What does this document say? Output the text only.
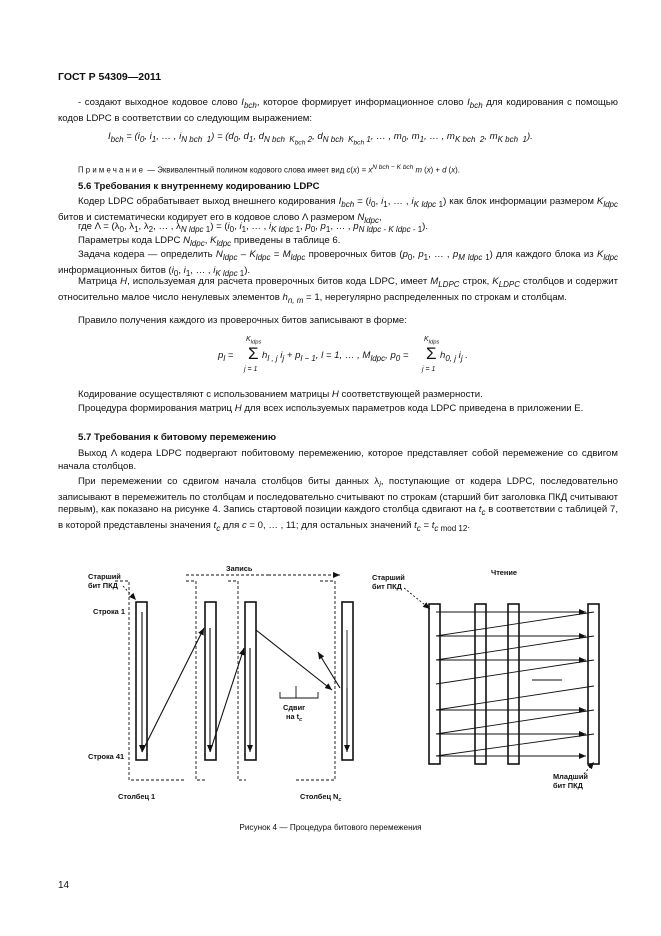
ГОСТ Р 54309—2011
- создают выходное кодовое слово $I_{bch}$, которое формирует информационное слово $I_{bch}$ для кодирования с помощью кодов LDPC в соответствии со следующим выражением:
$I_{bch} = (i_0$, $i_1$, … , $i_{N bch 1}) = (d_0$, $d_1$, $d_{N bch K_{bch} 2}$, $d_{N bch K_{bch} 1}$, … , $m_0$, $m_1$, … , $m_{K bch 2}$, $m_{K bch 1}$).
Примечание — Эквивалентный полином кодового слова имеет вид $c(x) = x^{N bch - K bch}$ m (x) + d (x).
5.6 Требования к внутреннему кодированию LDPC
Кодер LDPC обрабатывает выход внешнего кодирования $I_{bch} = (i_0$, $i_1$, … , $i_{K ldpc 1}$) как блок информации размером $K_{ldpc}$ битов и систематически кодирует его в кодовое слово Λ размером $N_{ldpc}$,
где $\Lambda = (\lambda_0$, $\lambda_1$, $\lambda_2$, … , $\lambda_{N ldpc 1}) = (i_0$, $i_1$, … , $i_{K ldpc 1}$, $p_0$, $p_1$, … , $p_{N ldpc - K ldpc - 1}$).
Параметры кода LDPC $N_{ldpc}$, $K_{ldpc}$ приведены в таблице 6.
Задача кодера — определить $N_{ldpc} - K_{ldpc} = M_{ldpc}$ проверочных битов ($p_0$, $p_1$, … , $p_{M ldpc 1}$) для каждого блока из $K_{ldpc}$ информационных битов ($i_0$, $i_1$, … , $i_{K ldpc 1}$).
Матрица H, используемая для расчета проверочных битов кода LDPC, имеет $M_{LDPC}$ строк, $K_{LDPC}$ столбцов и содержит относительно малое число ненулевых элементов $h_{n, m} = 1$, нерегулярно распределенных по строкам и столбцам.
Правило получения каждого из проверочных битов записывают в форме:
$p_l$ =
$K_{ldps}$
Σ
j = 1
$h_{l , j}$ $i_j + p_{l - 1}$, l = 1, … , $M_{ldpc}$, $p_0$ =
$K_{ldps}$
Σ
j = 1
$h_{0, j}$ $i_j$ .
Кодирование осуществляют с использованием матрицы H соответствующей размерности.
Процедура формирования матриц H для всех используемых параметров кода LDPC приведена в приложении Е.
5.7 Требования к битовому перемежению
Выход Λ кодера LDPC подвергают побитовому перемежению, которое представляет собой перемежение со сдвигом начала столбцов.
При перемежении со сдвигом начала столбцов биты данных $\lambda_i$, поступающие от кодера LDPC, последовательно записывают в перемежитель по столбцам и последовательно считывают по строкам (старший бит заголовка ПКД считывают первым), как показано на рисунке 4. Запись стартовой позиции каждого столбца сдвигают на $t_c$ в соответствии с таблицей 7, в которой представлены значения $t_c$ для c = 0, … , 11; для остальных значений $t_c = t_{c mod 12}$.
Запись
Старший
бит ПКД
Строка 1
Строка 41
Сдвиг
на $t_c$
Столбец 1	Столбец $N_c$
Чтение
Старший
бит ПКД
Младший
бит ПКД
Рисунок 4 — Процедура битового перемежения
14
